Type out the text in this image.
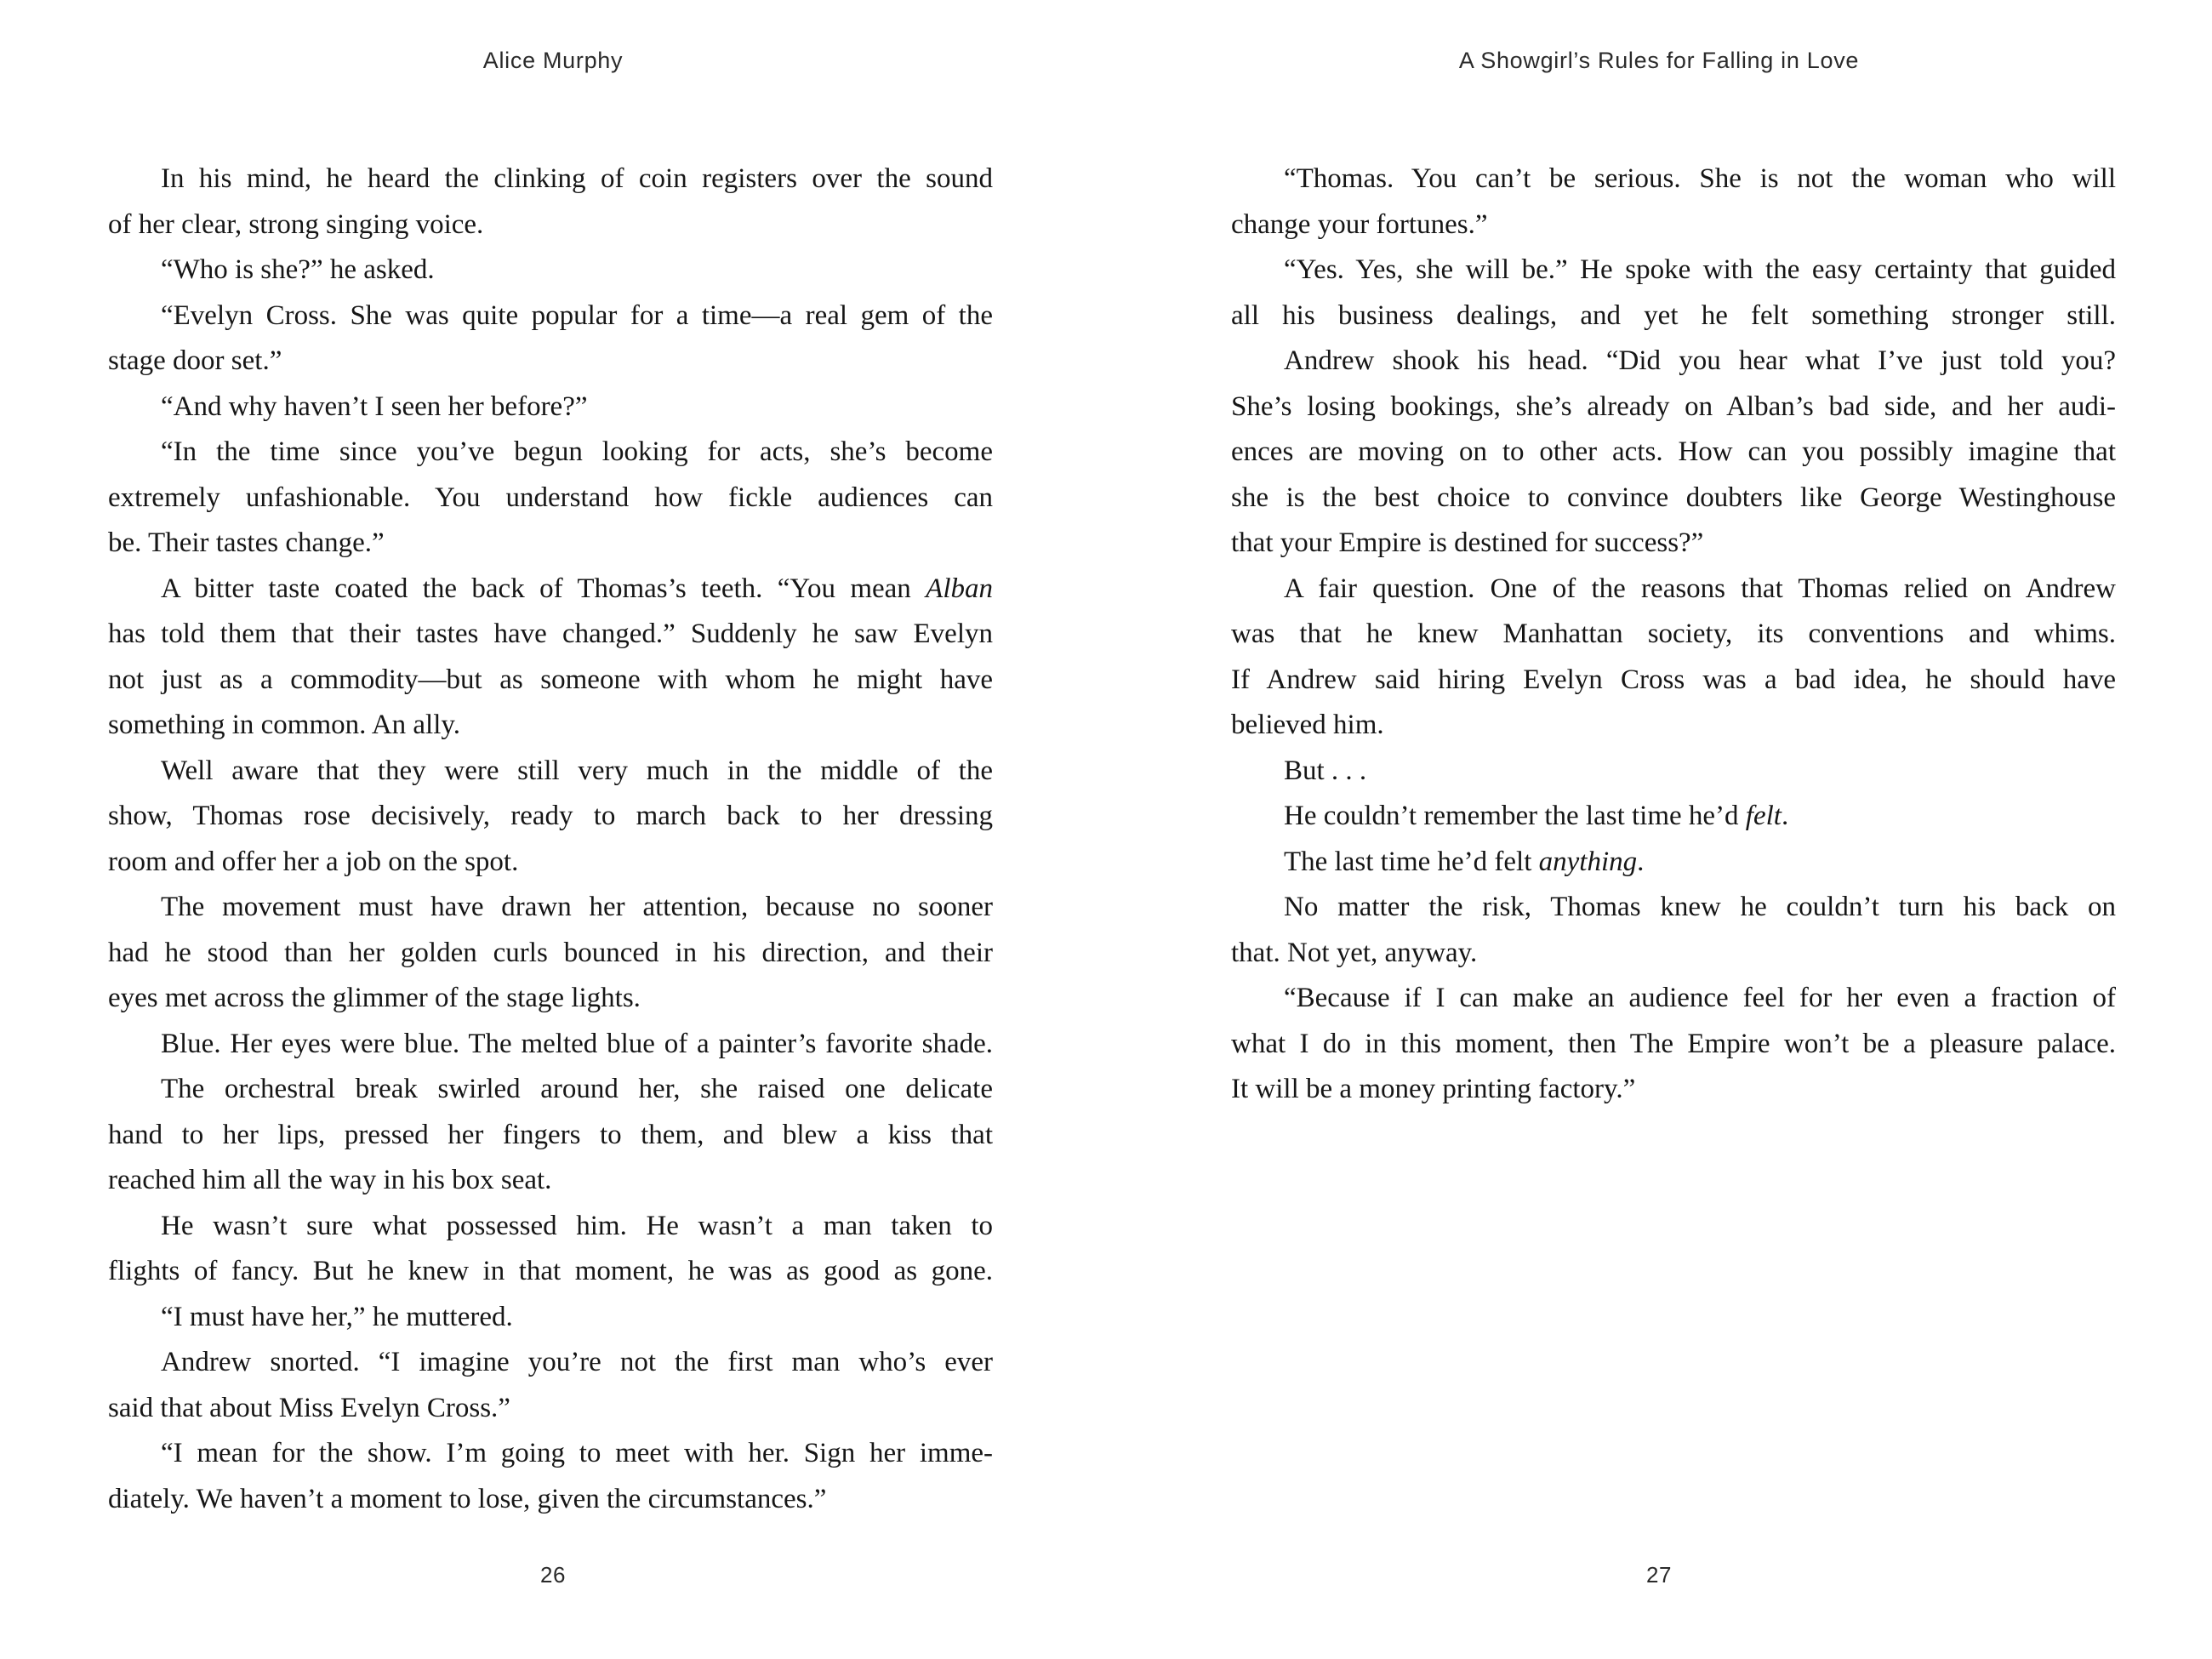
Alice Murphy
In his mind, he heard the clinking of coin registers over the sound
of her clear, strong singing voice.
“Who is she?” he asked.
“Evelyn Cross. She was quite popular for a time—a real gem of the
stage door set.”
“And why haven’t I seen her before?”
“In the time since you’ve begun looking for acts, she’s become
extremely unfashionable. You understand how fickle audiences can
be. Their tastes change.”
A bitter taste coated the back of Thomas’s teeth. “You mean Alban
has told them that their tastes have changed.” Suddenly he saw Evelyn
not just as a commodity—but as someone with whom he might have
something in common. An ally.
Well aware that they were still very much in the middle of the
show, Thomas rose decisively, ready to march back to her dressing
room and offer her a job on the spot.
The movement must have drawn her attention, because no sooner
had he stood than her golden curls bounced in his direction, and their
eyes met across the glimmer of the stage lights.
Blue. Her eyes were blue. The melted blue of a painter’s favorite shade.
The orchestral break swirled around her, she raised one delicate
hand to her lips, pressed her fingers to them, and blew a kiss that
reached him all the way in his box seat.
He wasn’t sure what possessed him. He wasn’t a man taken to
flights of fancy. But he knew in that moment, he was as good as gone.
“I must have her,” he muttered.
Andrew snorted. “I imagine you’re not the first man who’s ever
said that about Miss Evelyn Cross.”
“I mean for the show. I’m going to meet with her. Sign her imme-
diately. We haven’t a moment to lose, given the circumstances.”
26
A Showgirl’s Rules for Falling in Love
“Thomas. You can’t be serious. She is not the woman who will
change your fortunes.”
“Yes. Yes, she will be.” He spoke with the easy certainty that guided
all his business dealings, and yet he felt something stronger still.
Andrew shook his head. “Did you hear what I’ve just told you?
She’s losing bookings, she’s already on Alban’s bad side, and her audi-
ences are moving on to other acts. How can you possibly imagine that
she is the best choice to convince doubters like George Westinghouse
that your Empire is destined for success?”
A fair question. One of the reasons that Thomas relied on Andrew
was that he knew Manhattan society, its conventions and whims.
If Andrew said hiring Evelyn Cross was a bad idea, he should have
believed him.
But . . .
He couldn’t remember the last time he’d felt.
The last time he’d felt anything.
No matter the risk, Thomas knew he couldn’t turn his back on
that. Not yet, anyway.
“Because if I can make an audience feel for her even a fraction of
what I do in this moment, then The Empire won’t be a pleasure palace.
It will be a money printing factory.”
27
